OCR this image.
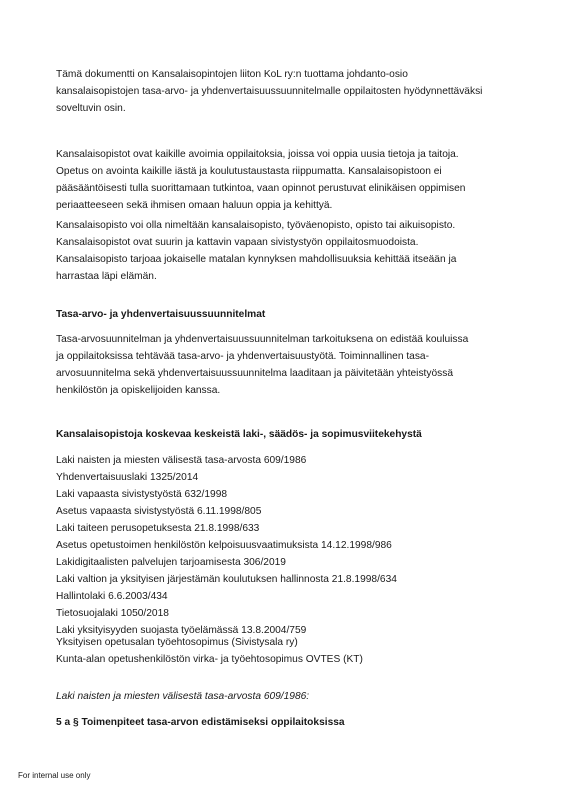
Tämä dokumentti on Kansalaisopintojen liiton KoL ry:n tuottama johdanto-osio
kansalaisopistojen tasa-arvo- ja yhdenvertaisuussuunnitelmalle oppilaitosten hyödynnettäväksi
soveltuvin osin.
Kansalaisopistot ovat kaikille avoimia oppilaitoksia, joissa voi oppia uusia tietoja ja taitoja.
Opetus on avointa kaikille iästä ja koulutustaustasta riippumatta. Kansalaisopistoon ei
pääsääntöisesti tulla suorittamaan tutkintoa, vaan opinnot perustuvat elinikäisen oppimisen
periaatteeseen sekä ihmisen omaan haluun oppia ja kehittyä.
Kansalaisopisto voi olla nimeltään kansalaisopisto, työväenopisto, opisto tai aikuisopisto.
Kansalaisopistot ovat suurin ja kattavin vapaan sivistystyön oppilaitosmuodoista.
Kansalaisopisto tarjoaa jokaiselle matalan kynnyksen mahdollisuuksia kehittää itseään ja
harrastaa läpi elämän.
Tasa-arvo- ja yhdenvertaisuussuunnitelmat
Tasa-arvosuunnitelman ja yhdenvertaisuussuunnitelman tarkoituksena on edistää kouluissa
ja oppilaitoksissa tehtävää tasa-arvo- ja yhdenvertaisuustyötä. Toiminnallinen tasa-
arvosuunnitelma sekä yhdenvertaisuussuunnitelma laaditaan ja päivitetään yhteistyössä
henkilöstön ja opiskelijoiden kanssa.
Kansalaisopistoja koskevaa keskeistä laki-, säädös- ja sopimusviitekehystä
Laki naisten ja miesten välisestä tasa-arvosta 609/1986
Yhdenvertaisuuslaki 1325/2014
Laki vapaasta sivistystyöstä 632/1998
Asetus vapaasta sivistystyöstä 6.11.1998/805
Laki taiteen perusopetuksesta 21.8.1998/633
Asetus opetustoimen henkilöstön kelpoisuusvaatimuksista 14.12.1998/986
Lakidigitaalisten palvelujen tarjoamisesta 306/2019
Laki valtion ja yksityisen järjestämän koulutuksen hallinnosta 21.8.1998/634
Hallintolaki 6.6.2003/434
Tietosuojalaki 1050/2018
Laki yksityisyyden suojasta työelämässä 13.8.2004/759
Yksityisen opetusalan työehtosopimus (Sivistysala ry)
Kunta-alan opetushenkilöstön virka- ja työehtosopimus OVTES (KT)
Laki naisten ja miesten välisestä tasa-arvosta 609/1986:
5 a § Toimenpiteet tasa-arvon edistämiseksi oppilaitoksissa
For internal use only
